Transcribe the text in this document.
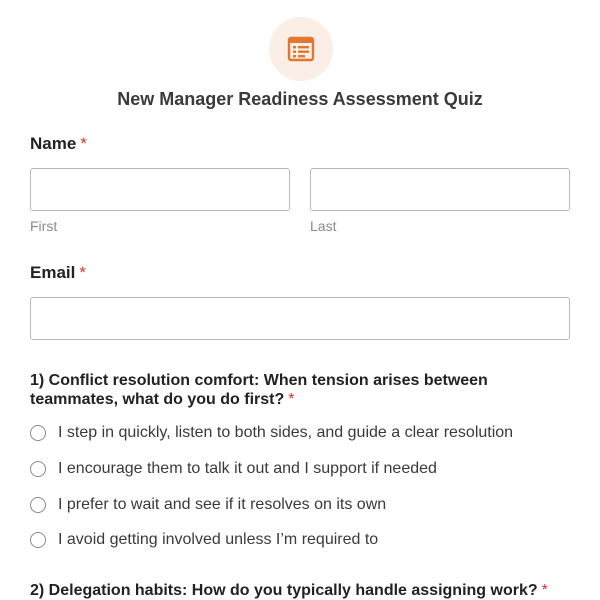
New Manager Readiness Assessment Quiz
Name *
First	Last
Email *
1) Conflict resolution comfort: When tension arises between teammates, what do you do first? *
I step in quickly, listen to both sides, and guide a clear resolution
I encourage them to talk it out and I support if needed
I prefer to wait and see if it resolves on its own
I avoid getting involved unless I’m required to
2) Delegation habits: How do you typically handle assigning work? *
